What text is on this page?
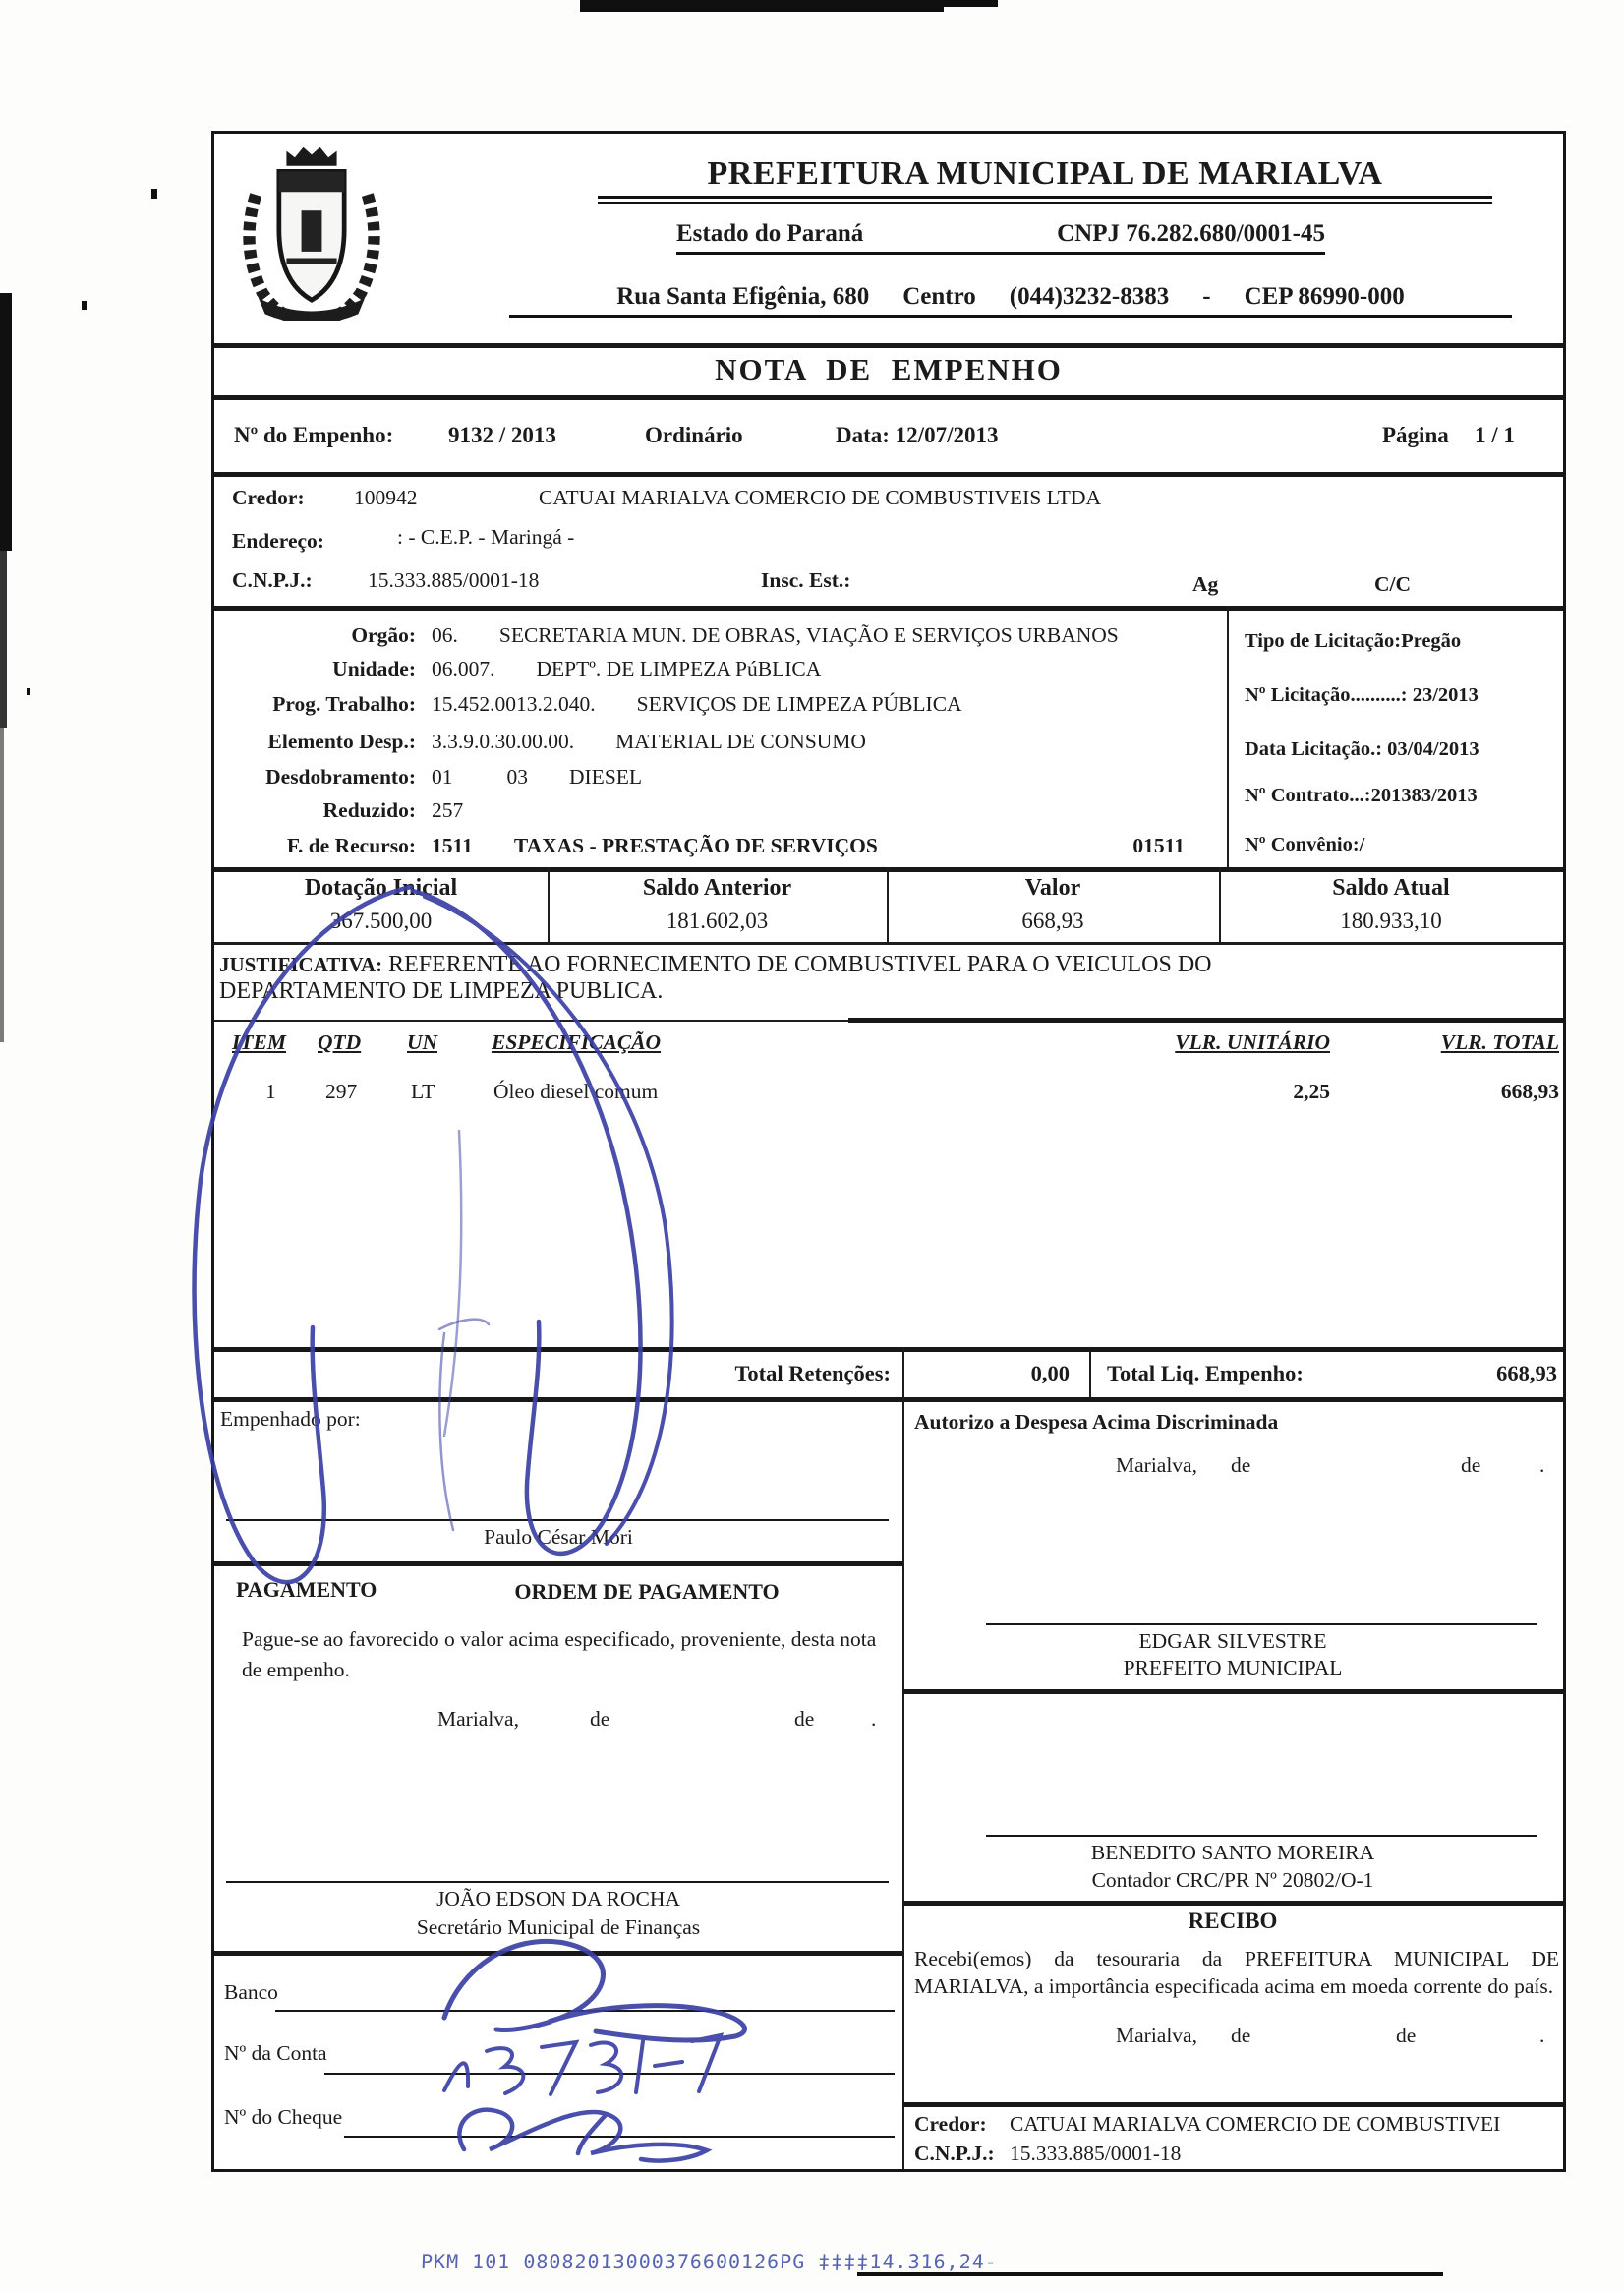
PREFEITURA MUNICIPAL DE MARIALVA
Estado do Paraná	CNPJ 76.282.680/0001-45
Rua Santa Efigênia, 680 Centro (044)3232-8383 - CEP 86990-000
NOTA  DE  EMPENHO
Nº do Empenho: 9132 / 2013	Ordinário	Data: 12/07/2013	Página 1 / 1
Credor: 100942	CATUAI MARIALVA COMERCIO DE COMBUSTIVEIS LTDA
Endereço:	: - C.E.P. - Maringá -
C.N.P.J.:	15.333.885/0001-18	Insc. Est.:	Ag	C/C
Orgão: 06. SECRETARIA MUN. DE OBRAS, VIAÇÃO E SERVIÇOS URBANOS
Unidade: 06.007. DEPTº. DE LIMPEZA PúBLICA
Prog. Trabalho: 15.452.0013.2.040. SERVIÇOS DE LIMPEZA PÚBLICA
Elemento Desp.: 3.3.9.0.30.00.00. MATERIAL DE CONSUMO
Desdobramento: 01	03 DIESEL
Reduzido: 257
F. de Recurso: 1511 TAXAS - PRESTAÇÃO DE SERVIÇOS	01511
Tipo de Licitação:Pregão
Nº Licitação..........: 23/2013
Data Licitação.: 03/04/2013
Nº Contrato...:201383/2013
Nº Convênio:/
Dotação Inicial	Saldo Anterior	Valor	Saldo Atual
367.500,00	181.602,03	668,93	180.933,10
JUSTIFICATIVA: REFERENTE AO FORNECIMENTO DE COMBUSTIVEL PARA O VEICULOS DO
DEPARTAMENTO DE LIMPEZA PUBLICA.
ITEM QTD UN	ESPECIFICAÇÃO	VLR. UNITÁRIO	VLR. TOTAL
1 297	LT	Óleo diesel comum	2,25	668,93
Total Retenções:	0,00 Total Liq. Empenho:	668,93
Empenhado por:
Paulo César Mori
PAGAMENTO	ORDEM DE PAGAMENTO
Pague-se ao favorecido o valor acima especificado, proveniente, desta nota de empenho.
Marialva,	de	de	.
JOÃO EDSON DA ROCHA
Secretário Municipal de Finanças
Banco
Nº da Conta
Nº do Cheque
Autorizo a Despesa Acima Discriminada
Marialva, de	de	.
EDGAR SILVESTRE
PREFEITO MUNICIPAL
BENEDITO SANTO MOREIRA
Contador CRC/PR Nº 20802/O-1
RECIBO
Recebi(emos) da tesouraria da PREFEITURA MUNICIPAL DE MARIALVA, a importância especificada acima em moeda corrente do país.
Marialva, de	de	.
Credor: CATUAI MARIALVA COMERCIO DE COMBUSTIVEI
C.N.P.J.: 15.333.885/0001-18
PKM 101 08082013000376600126PG ‡‡‡‡14.316,24-
